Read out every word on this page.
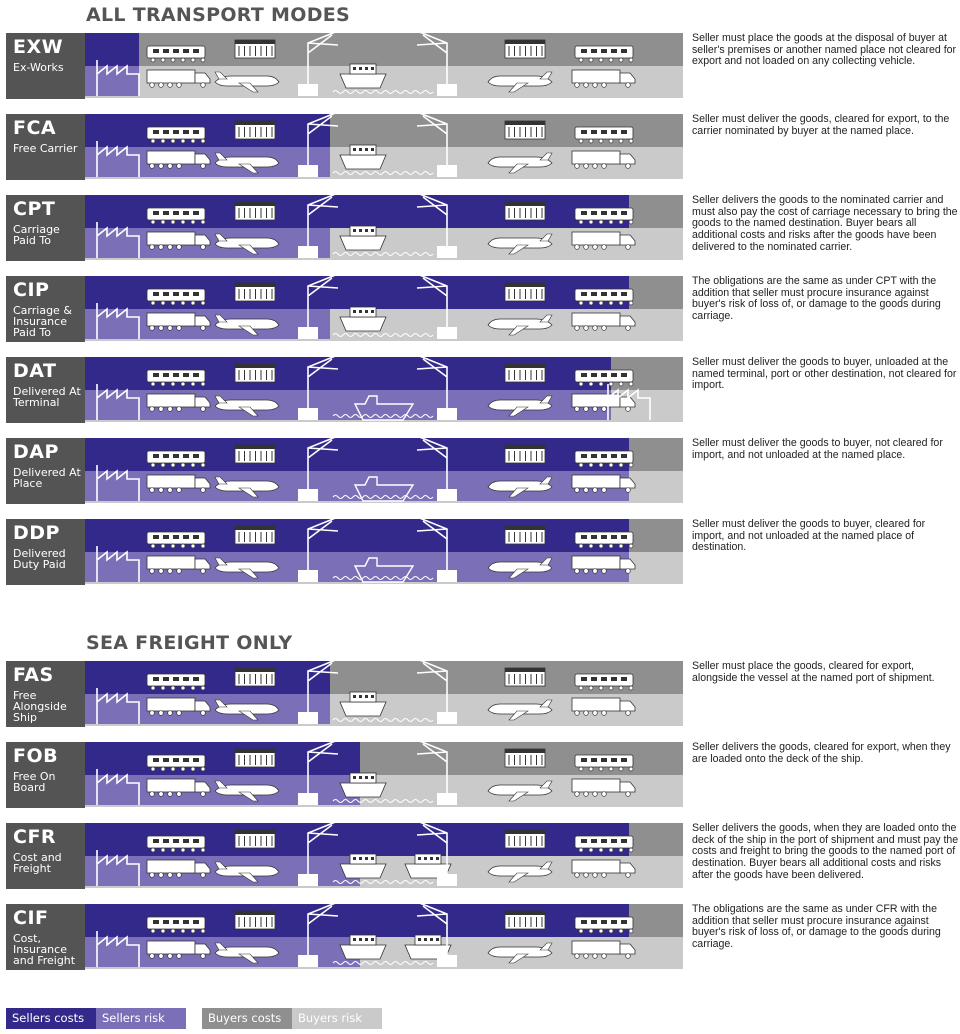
ALL TRANSPORT MODES
EXW
Ex-Works
Seller must place the goods at the disposal of buyer at seller's premises or another named place not cleared for export and not loaded on any collecting vehicle.
FCA
Free Carrier
Seller must deliver the goods, cleared for export, to the carrier nominated by buyer at the named place.
CPT
Carriage Paid To
Seller delivers the goods to the nominated carrier and must also pay the cost of carriage necessary to bring the goods to the named destination. Buyer bears all additional costs and risks after the goods have been delivered to the nominated carrier.
CIP
Carriage & Insurance Paid To
The obligations are the same as under CPT with the addition that seller must procure insurance against buyer's risk of loss of, or damage to the goods during carriage.
DAT
Delivered At Terminal
Seller must deliver the goods to buyer, unloaded at the named terminal, port or other destination, not cleared for import.
DAP
Delivered At Place
Seller must deliver the goods to buyer, not cleared for import, and not unloaded at the named place.
DDP
Delivered Duty Paid
Seller must deliver the goods to buyer, cleared for import, and not unloaded at the named place of destination.
SEA FREIGHT ONLY
FAS
Free Alongside Ship
Seller must place the goods, cleared for export, alongside the vessel at the named port of shipment.
FOB
Free On Board
Seller delivers the goods, cleared for export, when they are loaded onto the deck of the ship.
CFR
Cost and Freight
Seller delivers the goods, when they are loaded onto the deck of the ship in the port of shipment and must pay the costs and freight to bring the goods to the named port of destination. Buyer bears all additional costs and risks after the goods have been delivered.
CIF
Cost, Insurance and Freight
The obligations are the same as under CFR with the addition that seller must procure insurance against buyer's risk of loss of, or damage to the goods during carriage.
Sellers costs	Sellers risk	Buyers costs	Buyers risk
